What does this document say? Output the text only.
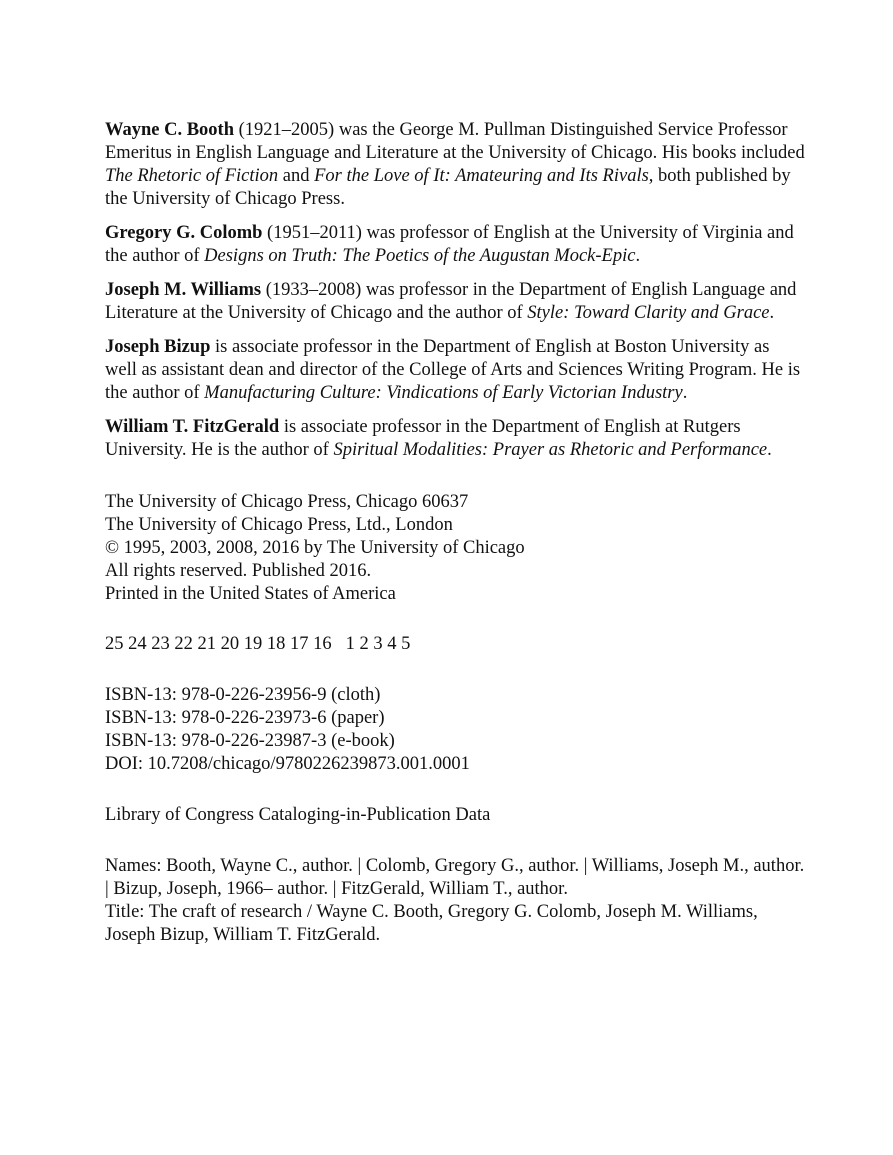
Wayne C. Booth (1921–2005) was the George M. Pullman Distinguished Service Professor Emeritus in English Language and Literature at the University of Chicago. His books included The Rhetoric of Fiction and For the Love of It: Amateuring and Its Rivals, both published by the University of Chicago Press.

Gregory G. Colomb (1951–2011) was professor of English at the University of Virginia and the author of Designs on Truth: The Poetics of the Augustan Mock-Epic.

Joseph M. Williams (1933–2008) was professor in the Department of English Language and Literature at the University of Chicago and the author of Style: Toward Clarity and Grace.

Joseph Bizup is associate professor in the Department of English at Boston University as well as assistant dean and director of the College of Arts and Sciences Writing Program. He is the author of Manufacturing Culture: Vindications of Early Victorian Industry.

William T. FitzGerald is associate professor in the Department of English at Rutgers University. He is the author of Spiritual Modalities: Prayer as Rhetoric and Performance.

The University of Chicago Press, Chicago 60637
The University of Chicago Press, Ltd., London
© 1995, 2003, 2008, 2016 by The University of Chicago
All rights reserved. Published 2016.
Printed in the United States of America
25 24 23 22 21 20 19 18 17 16 1 2 3 4 5
ISBN-13: 978-0-226-23956-9 (cloth)
ISBN-13: 978-0-226-23973-6 (paper)
ISBN-13: 978-0-226-23987-3 (e-book)
DOI: 10.7208/chicago/9780226239873.001.0001
Library of Congress Cataloging-in-Publication Data

Names: Booth, Wayne C., author. | Colomb, Gregory G., author. | Williams, Joseph M., author. | Bizup, Joseph, 1966– author. | FitzGerald, William T., author.

Title: The craft of research / Wayne C. Booth, Gregory G. Colomb, Joseph M. Williams, Joseph Bizup, William T. FitzGerald.
